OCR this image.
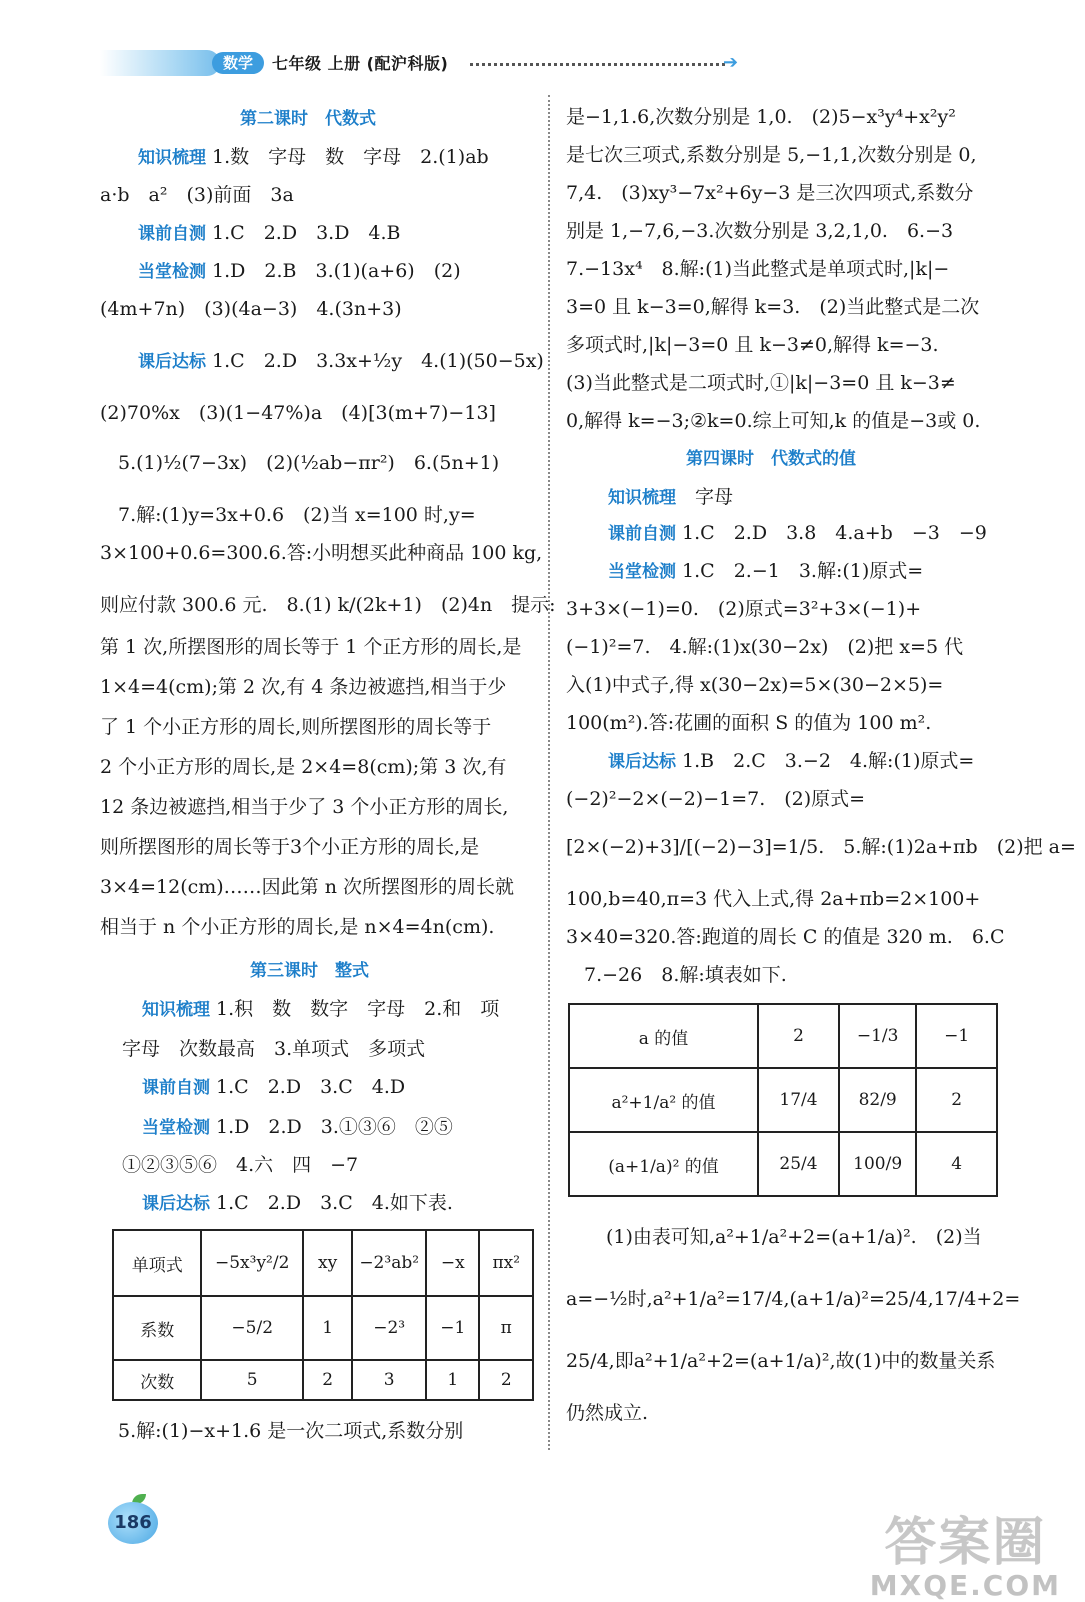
数学	七年级 上册 (配沪科版)	➔
第二课时　代数式
知识梳理 1.数　字母　数　字母　2.(1)ab
a·b　a²　(3)前面　3a
课前自测 1.C　2.D　3.D　4.B
当堂检测 1.D　2.B　3.(1)(a+6)　(2)
(4m+7n)　(3)(4a−3)　4.(3n+3)
课后达标 1.C　2.D　3.3x+½y　4.(1)(50−5x)
(2)70%x　(3)(1−47%)a　(4)[3(m+7)−13]
5.(1)½(7−3x)　(2)(½ab−πr²)　6.(5n+1)
7.解:(1)y=3x+0.6　(2)当 x=100 时,y=
3×100+0.6=300.6.答:小明想买此种商品 100 kg,
则应付款 300.6 元.　8.(1) k/(2k+1)　(2)4n　提示:
第 1 次,所摆图形的周长等于 1 个正方形的周长,是
1×4=4(cm);第 2 次,有 4 条边被遮挡,相当于少
了 1 个小正方形的周长,则所摆图形的周长等于
2 个小正方形的周长,是 2×4=8(cm);第 3 次,有
12 条边被遮挡,相当于少了 3 个小正方形的周长,
则所摆图形的周长等于3个小正方形的周长,是
3×4=12(cm)……因此第 n 次所摆图形的周长就
相当于 n 个小正方形的周长,是 n×4=4n(cm).
第三课时　整式
知识梳理 1.积　数　数字　字母　2.和　项
字母　次数最高　3.单项式　多项式
课前自测 1.C　2.D　3.C　4.D
当堂检测 1.D　2.D　3.①③⑥　②⑤
①②③⑤⑥　4.六　四　−7
课后达标 1.C　2.D　3.C　4.如下表.
单项式	−5x³y²/2	xy	−2³ab²	−x	πx²
系数	−5/2	1	−2³	−1	π
次数	5	2	3	1	2
5.解:(1)−x+1.6 是一次二项式,系数分别
是−1,1.6,次数分别是 1,0.　(2)5−x³y⁴+x²y²
是七次三项式,系数分别是 5,−1,1,次数分别是 0,
7,4.　(3)xy³−7x²+6y−3 是三次四项式,系数分
别是 1,−7,6,−3.次数分别是 3,2,1,0.　6.−3
7.−13x⁴　8.解:(1)当此整式是单项式时,|k|−
3=0 且 k−3=0,解得 k=3.　(2)当此整式是二次
多项式时,|k|−3=0 且 k−3≠0,解得 k=−3.
(3)当此整式是二项式时,①|k|−3=0 且 k−3≠
0,解得 k=−3;②k=0.综上可知,k 的值是−3或 0.
第四课时　代数式的值
知识梳理　字母
课前自测 1.C　2.D　3.8　4.a+b　−3　−9
当堂检测 1.C　2.−1　3.解:(1)原式=
3+3×(−1)=0.　(2)原式=3²+3×(−1)+
(−1)²=7.　4.解:(1)x(30−2x)　(2)把 x=5 代
入(1)中式子,得 x(30−2x)=5×(30−2×5)=
100(m²).答:花圃的面积 S 的值为 100 m².
课后达标 1.B　2.C　3.−2　4.解:(1)原式=
(−2)²−2×(−2)−1=7.　(2)原式=
[2×(−2)+3]/[(−2)−3]=1/5.　5.解:(1)2a+πb　(2)把 a=
100,b=40,π=3 代入上式,得 2a+πb=2×100+
3×40=320.答:跑道的周长 C 的值是 320 m.　6.C
7.−26　8.解:填表如下.
a 的值	2	−1/3	−1
a²+1/a² 的值	17/4	82/9	2
(a+1/a)² 的值	25/4	100/9	4
(1)由表可知,a²+1/a²+2=(a+1/a)².　(2)当
a=−½时,a²+1/a²=17/4,(a+1/a)²=25/4,17/4+2=
25/4,即a²+1/a²+2=(a+1/a)²,故(1)中的数量关系
仍然成立.
186	答案圈
MXQE.COM
